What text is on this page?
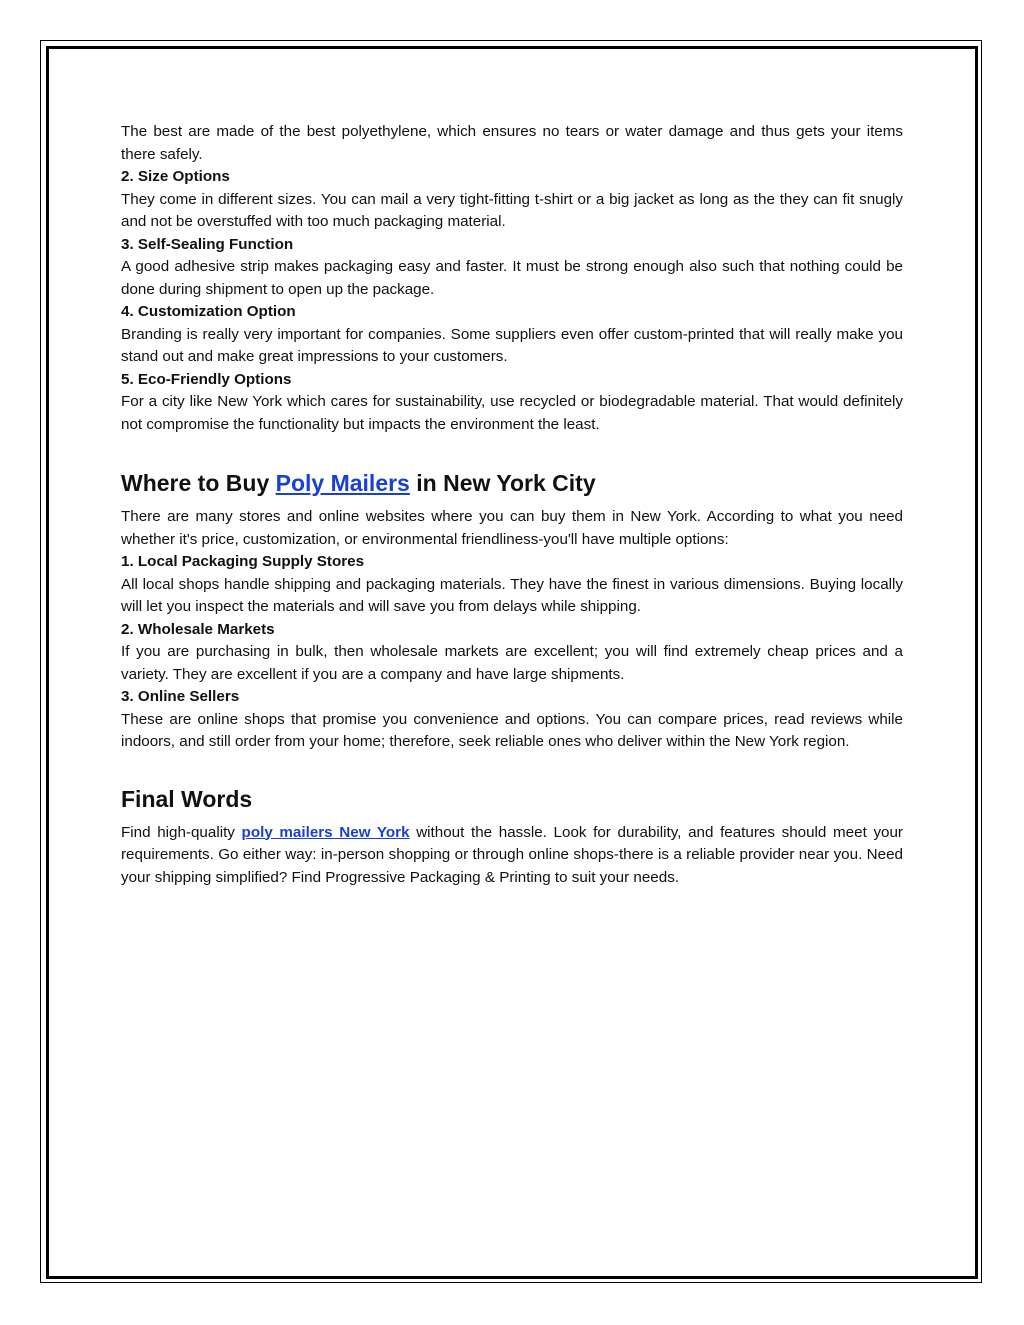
The best are made of the best polyethylene, which ensures no tears or water damage and thus gets your items there safely.

2. Size Options

They come in different sizes. You can mail a very tight-fitting t-shirt or a big jacket as long as the they can fit snugly and not be overstuffed with too much packaging material.

3. Self-Sealing Function

A good adhesive strip makes packaging easy and faster. It must be strong enough also such that nothing could be done during shipment to open up the package.

4. Customization Option

Branding is really very important for companies. Some suppliers even offer custom-printed that will really make you stand out and make great impressions to your customers.

5. Eco-Friendly Options

For a city like New York which cares for sustainability, use recycled or biodegradable material. That would definitely not compromise the functionality but impacts the environment the least.

Where to Buy Poly Mailers in New York City

There are many stores and online websites where you can buy them in New York. According to what you need whether it's price, customization, or environmental friendliness-you'll have multiple options:

1. Local Packaging Supply Stores

All local shops handle shipping and packaging materials. They have the finest in various dimensions. Buying locally will let you inspect the materials and will save you from delays while shipping.

2. Wholesale Markets

If you are purchasing in bulk, then wholesale markets are excellent; you will find extremely cheap prices and a variety. They are excellent if you are a company and have large shipments.

3. Online Sellers

These are online shops that promise you convenience and options. You can compare prices, read reviews while indoors, and still order from your home; therefore, seek reliable ones who deliver within the New York region.

Final Words

Find high-quality poly mailers New York without the hassle. Look for durability, and features should meet your requirements. Go either way: in-person shopping or through online shops-there is a reliable provider near you. Need your shipping simplified? Find Progressive Packaging & Printing to suit your needs.
